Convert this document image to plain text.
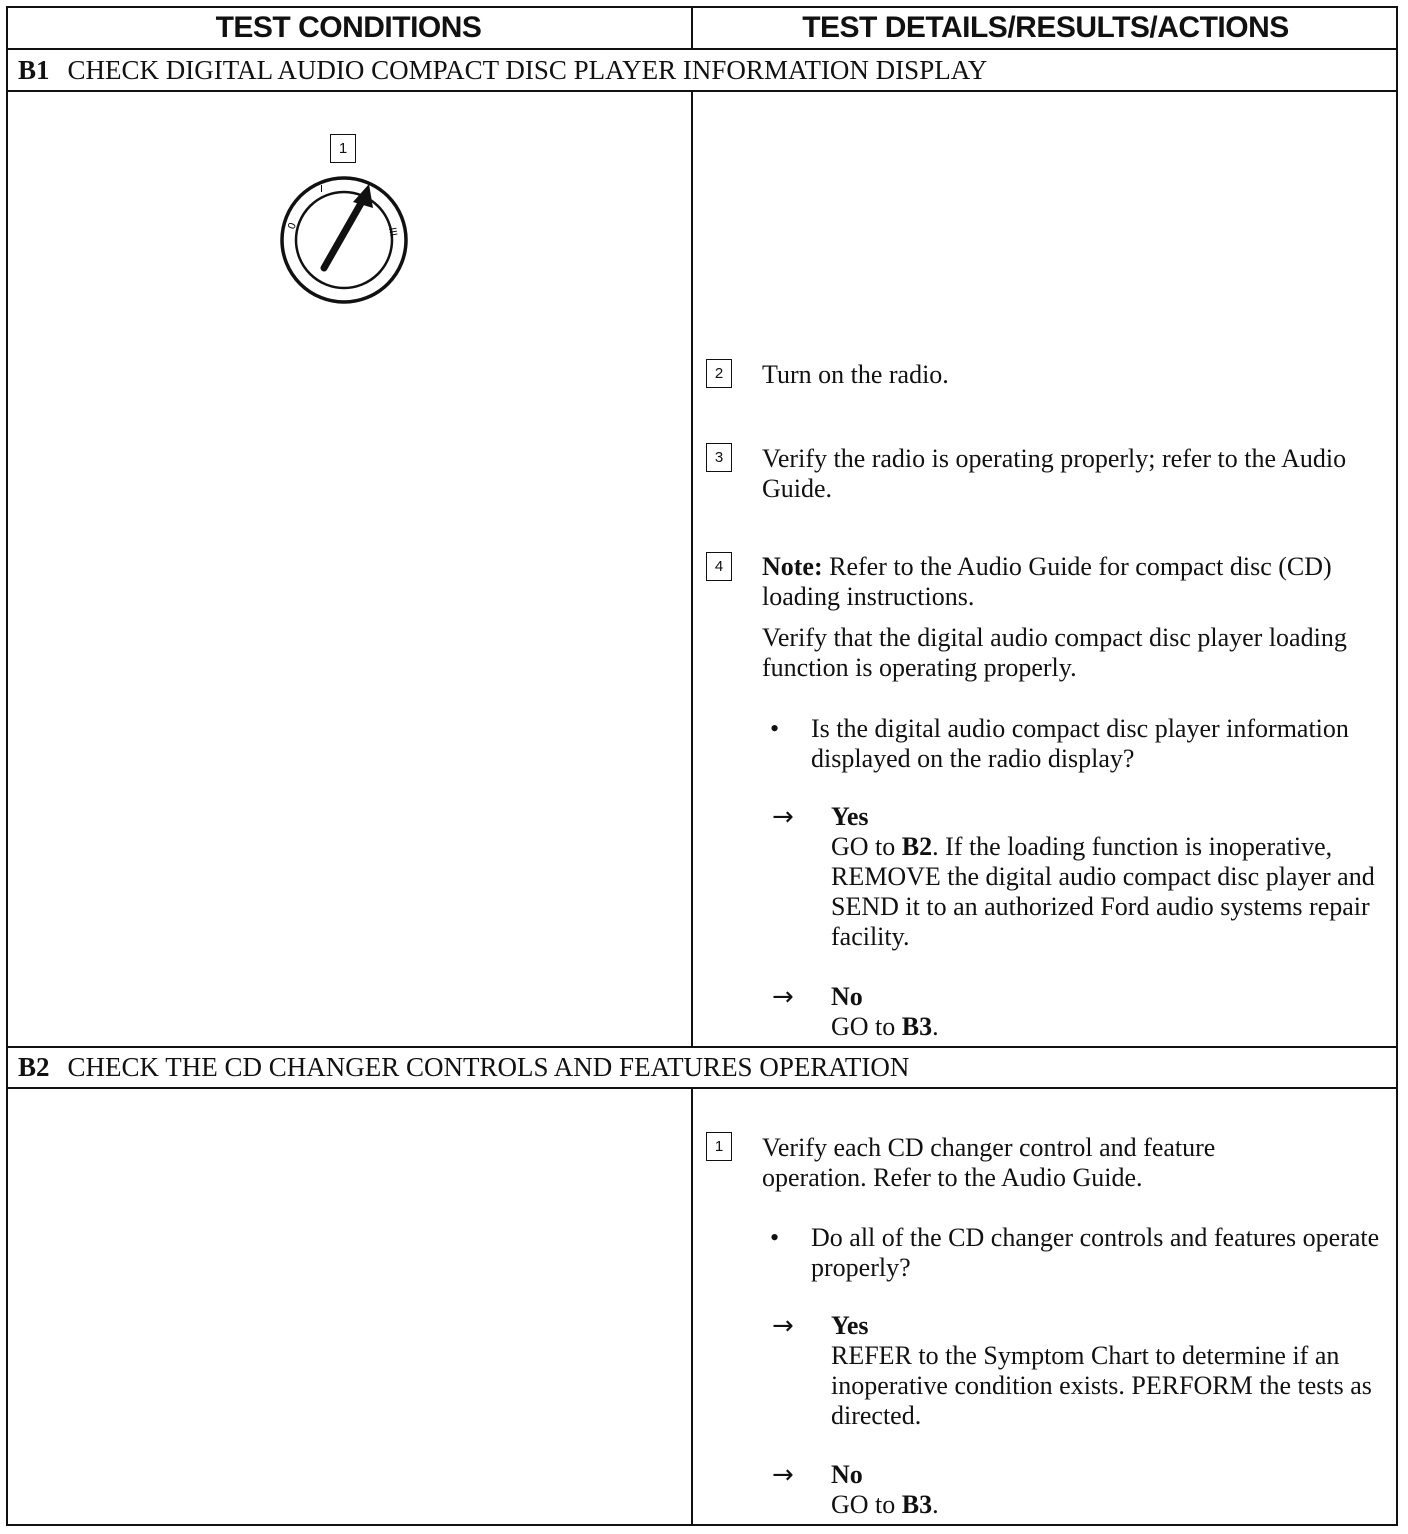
TEST CONDITIONS	TEST DETAILS/RESULTS/ACTIONS
B1 CHECK DIGITAL AUDIO COMPACT DISC PLAYER INFORMATION DISPLAY
1
0
I
III
2	Turn on the radio.
3	Verify the radio is operating properly; refer to the Audio Guide.
4	Note: Refer to the Audio Guide for compact disc (CD) loading instructions.
Verify that the digital audio compact disc player loading function is operating properly.
• Is the digital audio compact disc player information displayed on the radio display?
→ Yes
GO to B2. If the loading function is inoperative, REMOVE the digital audio compact disc player and SEND it to an authorized Ford audio systems repair facility.
→ No
GO to B3.
B2 CHECK THE CD CHANGER CONTROLS AND FEATURES OPERATION
1	Verify each CD changer control and feature operation. Refer to the Audio Guide.
• Do all of the CD changer controls and features operate properly?
→ Yes
REFER to the Symptom Chart to determine if an inoperative condition exists. PERFORM the tests as directed.
→ No
GO to B3.
